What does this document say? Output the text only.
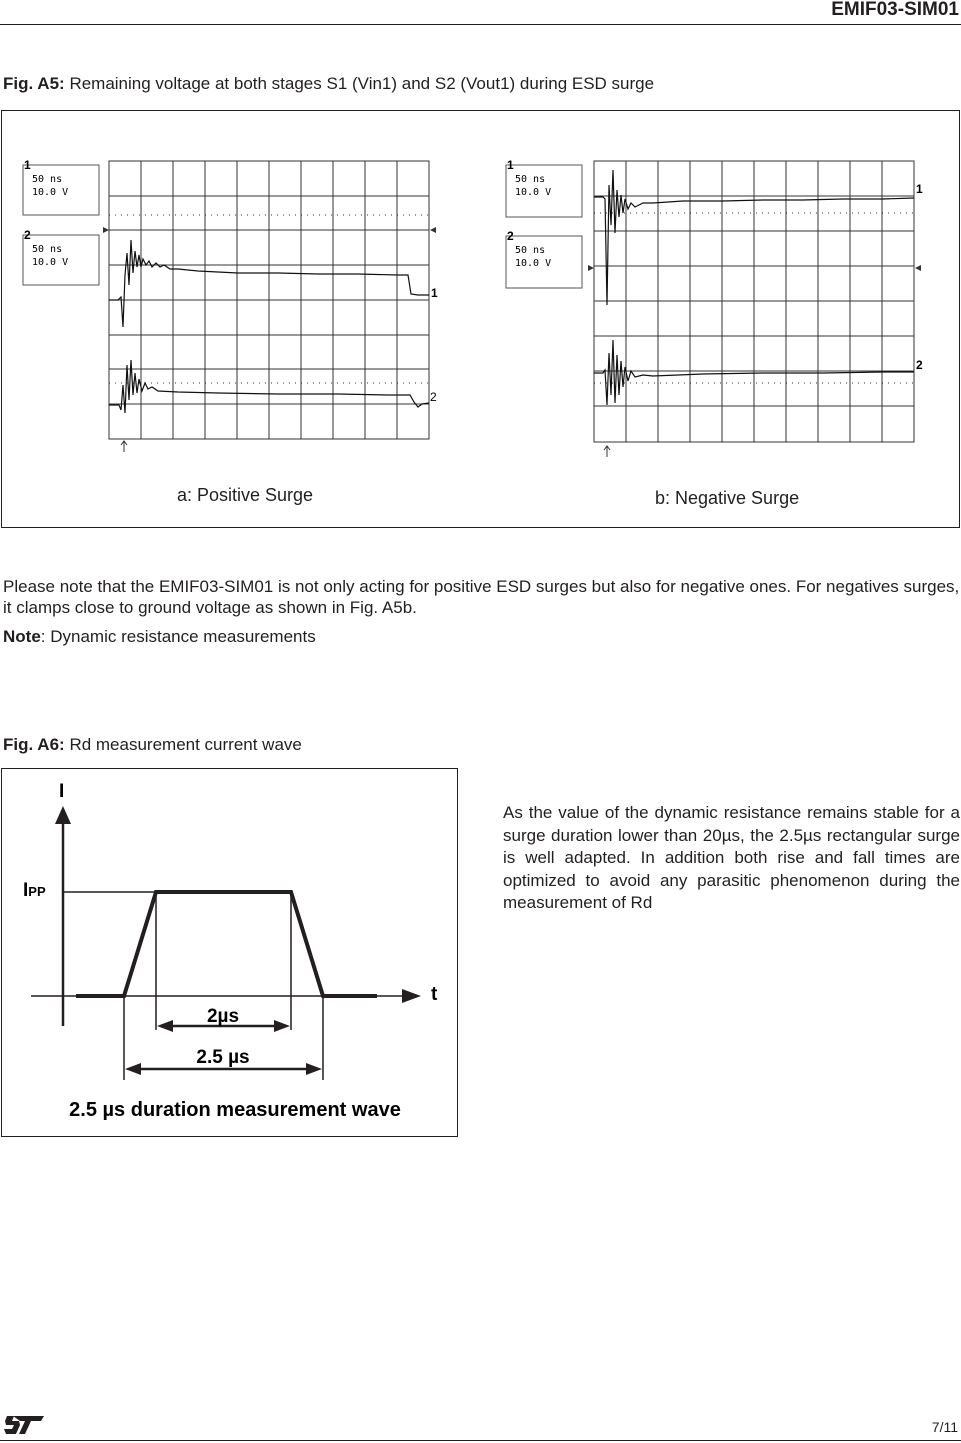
EMIF03-SIM01
Fig. A5: Remaining voltage at both stages S1 (Vin1) and S2 (Vout1) during ESD surge
1
50 ns
10.0 V
2
50 ns
10.0 V
1
2
1
50 ns
10.0 V
2
50 ns
10.0 V
1
2
a: Positive Surge	b: Negative Surge
Please note that the EMIF03-SIM01 is not only acting for positive ESD surges but also for negative ones. For negatives surges, it clamps close to ground voltage as shown in Fig. A5b.
Note: Dynamic resistance measurements
Fig. A6: Rd measurement current wave
I
t
IPP
2µs
2.5 µs
2.5 µs duration measurement wave
As the value of the dynamic resistance remains stable for a surge duration lower than 20µs, the 2.5µs rectangular surge is well adapted. In addition both rise and fall times are optimized to avoid any parasitic phenomenon during the measurement of Rd
7/11
